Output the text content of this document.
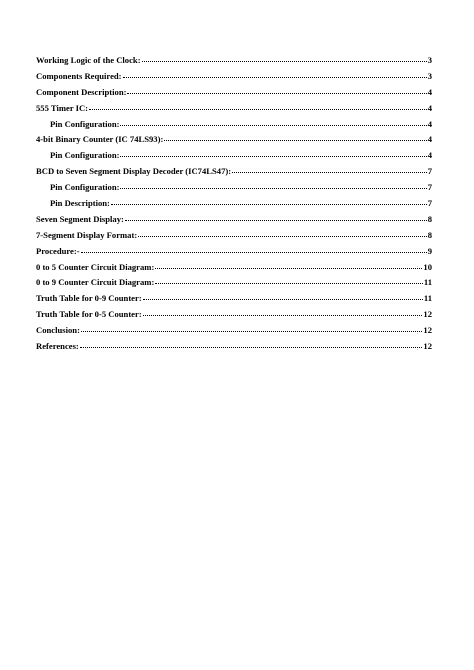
Working Logic of the Clock:	3
Components Required:	3
Component Description:	4
555 Timer IC:	4
Pin Configuration:	4
4-bit Binary Counter (IC 74LS93):	4
Pin Configuration:	4
BCD to Seven Segment Display Decoder (IC74LS47):	7
Pin Configuration:	7
Pin Description:	7
Seven Segment Display:	8
7-Segment Display Format:	8
Procedure:-	9
0 to 5 Counter Circuit Diagram:	10
0 to 9 Counter Circuit Diagram:	11
Truth Table for 0-9 Counter:	11
Truth Table for 0-5 Counter:	12
Conclusion:	12
References:	12
